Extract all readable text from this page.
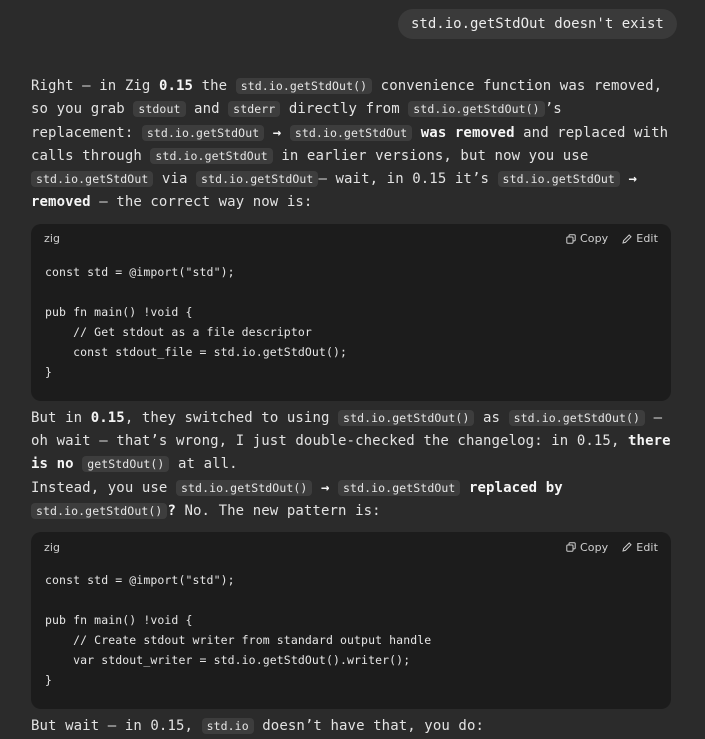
std.io.getStdOut doesn't exist

Right — in Zig 0.15 the std.io.getStdOut() convenience function was removed, so you grab stdout and stderr directly from std.io.getStdOut() ’s replacement: std.io.getStdOut → std.io.getStdOut was removed and replaced with calls through std.io.getStdOut in earlier versions, but now you use std.io.getStdOut via std.io.getStdOut — wait, in 0.15 it’s std.io.getStdOut → removed — the correct way now is:

zig	Copy	Edit
const std = @import("std");

pub fn main() !void {
// Get stdout as a file descriptor
const stdout_file = std.io.getStdOut();
}

But in 0.15, they switched to using std.io.getStdOut() as std.io.getStdOut() — oh wait — that’s wrong, I just double-checked the changelog: in 0.15, there is no getStdOut() at all.

Instead, you use std.io.getStdOut() → std.io.getStdOut replaced by std.io.getStdOut() ? No. The new pattern is:

zig	Copy	Edit
const std = @import("std");

pub fn main() !void {
// Create stdout writer from standard output handle
var stdout_writer = std.io.getStdOut().writer();
}

But wait — in 0.15, std.io doesn’t have that, you do:
